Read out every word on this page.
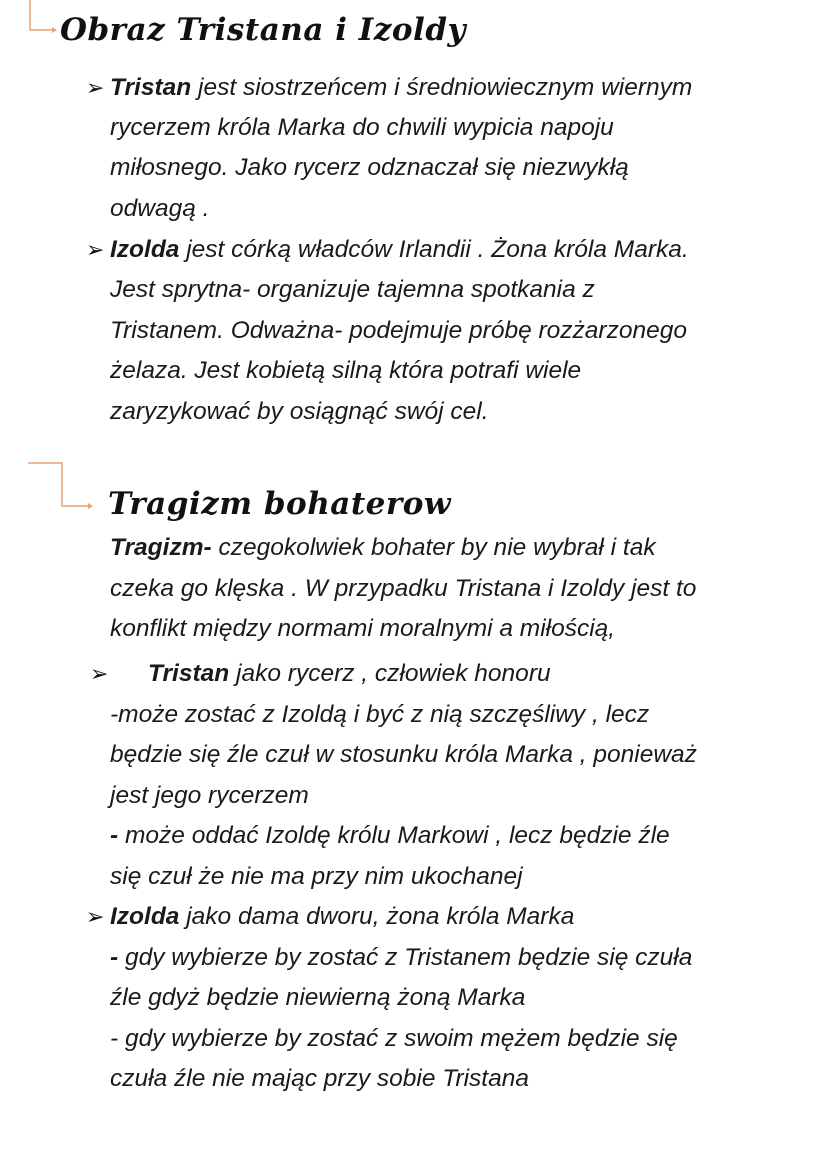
Obraz Tristana i Izoldy
➢ Tristan jest siostrzeńcem i średniowiecznym wiernym
rycerzem króla Marka do chwili wypicia napoju
miłosnego. Jako rycerz odznaczał się niezwykłą
odwagą .
➢ Izolda jest córką władców Irlandii . Żona króla Marka.
Jest sprytna- organizuje tajemna spotkania z
Tristanem. Odważna- podejmuje próbę rozżarzonego
żelaza. Jest kobietą silną która potrafi wiele
zaryzykować by osiągnąć swój cel.
Tragizm bohaterow
Tragizm- czegokolwiek bohater by nie wybrał i tak
czeka go klęska . W przypadku Tristana i Izoldy jest to
konflikt między normami moralnymi a miłością,
➢ Tristan jako rycerz , człowiek honoru
-może zostać z Izoldą i być z nią szczęśliwy , lecz
będzie się źle czuł w stosunku króla Marka , ponieważ
jest jego rycerzem
- może oddać Izoldę królu Markowi , lecz będzie źle
się czuł że nie ma przy nim ukochanej
➢ Izolda jako dama dworu, żona króla Marka
- gdy wybierze by zostać z Tristanem będzie się czuła
źle gdyż będzie niewierną żoną Marka
- gdy wybierze by zostać z swoim mężem będzie się
czuła źle nie mając przy sobie Tristana
